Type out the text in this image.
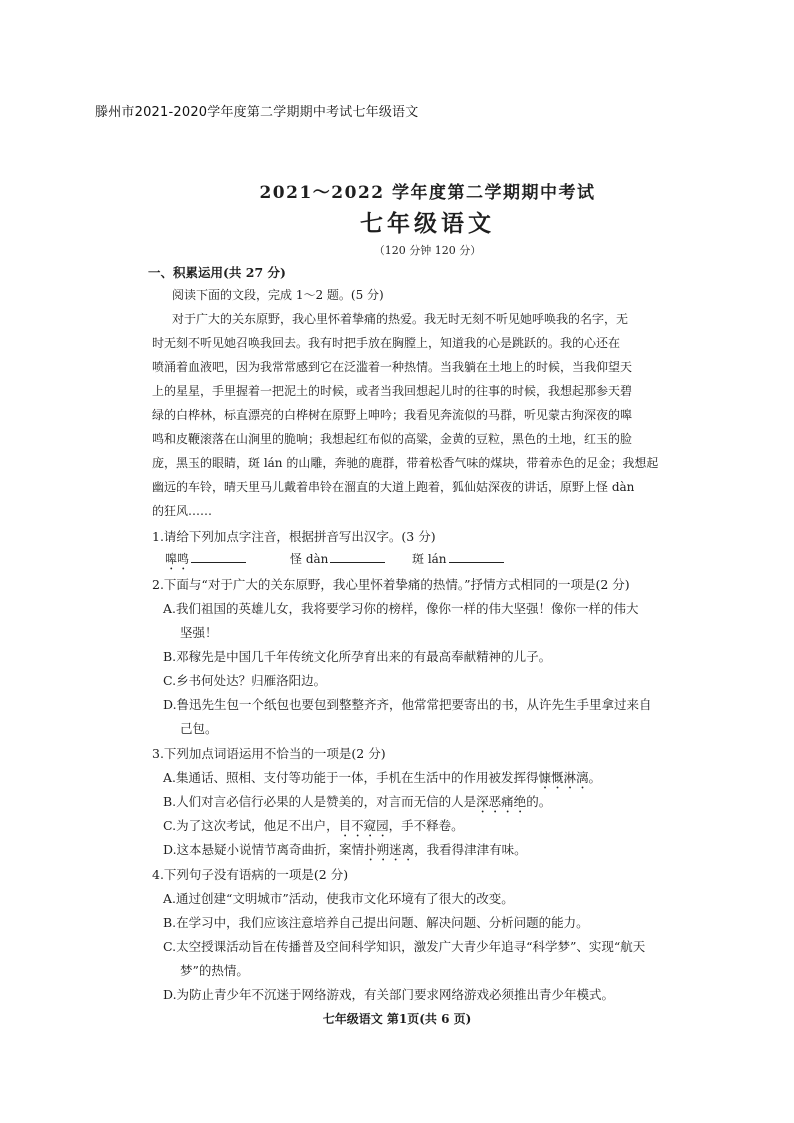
滕州市2021-2020学年度第二学期期中考试七年级语文
2021～2022 学年度第二学期期中考试
七年级语文
（120 分钟 120 分）
一、积累运用(共 27 分)
阅读下面的文段，完成 1～2 题。(5 分)
对于广大的关东原野，我心里怀着挚痛的热爱。我无时无刻不听见她呼唤我的名字，无
时无刻不听见她召唤我回去。我有时把手放在胸膛上，知道我的心是跳跃的。我的心还在
喷涌着血液吧，因为我常常感到它在泛滥着一种热情。当我躺在土地上的时候，当我仰望天
上的星星，手里握着一把泥土的时候，或者当我回想起儿时的往事的时候，我想起那参天碧
绿的白桦林，标直漂亮的白桦树在原野上呻吟；我看见奔流似的马群，听见蒙古狗深夜的嗥
鸣和皮鞭滚落在山涧里的脆响；我想起红布似的高粱，金黄的豆粒，黑色的土地，红玉的脸
庞，黑玉的眼睛，斑 lán 的山雕，奔驰的鹿群，带着松香气味的煤块，带着赤色的足金；我想起
幽远的车铃，晴天里马儿戴着串铃在溜直的大道上跑着，狐仙姑深夜的讲话，原野上怪 dàn
的狂风……
1.请给下列加点字注音，根据拼音写出汉字。(3 分)
嗥鸣	怪 dàn	斑 lán
2.下面与“对于广大的关东原野，我心里怀着挚痛的热情。”抒情方式相同的一项是(2 分)
A.我们祖国的英雄儿女，我将要学习你的榜样，像你一样的伟大坚强！像你一样的伟大
坚强！
B.邓稼先是中国几千年传统文化所孕育出来的有最高奉献精神的儿子。
C.乡书何处达？归雁洛阳边。
D.鲁迅先生包一个纸包也要包到整整齐齐，他常常把要寄出的书，从许先生手里拿过来自
己包。
3.下列加点词语运用不恰当的一项是(2 分)
A.集通话、照相、支付等功能于一体，手机在生活中的作用被发挥得慷慨淋漓。
B.人们对言必信行必果的人是赞美的，对言而无信的人是深恶痛绝的。
C.为了这次考试，他足不出户，目不窥园，手不释卷。
D.这本悬疑小说情节离奇曲折，案情扑朔迷离，我看得津津有味。
4.下列句子没有语病的一项是(2 分)
A.通过创建“文明城市”活动，使我市文化环境有了很大的改变。
B.在学习中，我们应该注意培养自己提出问题、解决问题、分析问题的能力。
C.太空授课活动旨在传播普及空间科学知识，激发广大青少年追寻“科学梦”、实现“航天
梦”的热情。
D.为防止青少年不沉迷于网络游戏，有关部门要求网络游戏必须推出青少年模式。
七年级语文 第1页(共 6 页)
